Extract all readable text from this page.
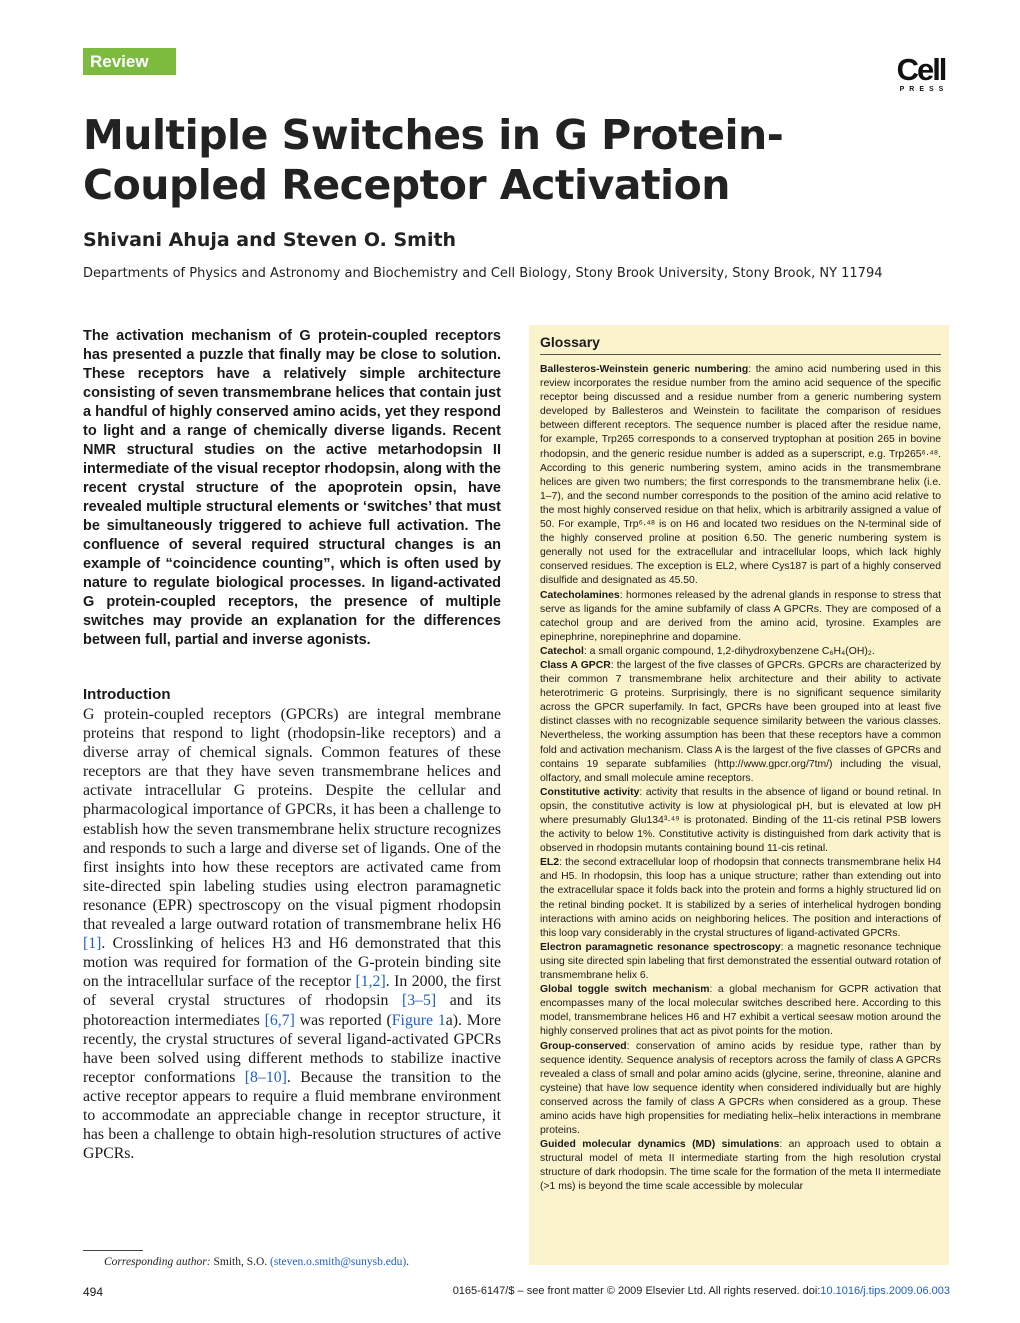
Review	Cell
PRESS
Multiple Switches in G Protein-Coupled Receptor Activation

Shivani Ahuja and Steven O. Smith

Departments of Physics and Astronomy and Biochemistry and Cell Biology, Stony Brook University, Stony Brook, NY 11794

The activation mechanism of G protein-coupled receptors has presented a puzzle that finally may be close to solution. These receptors have a relatively simple architecture consisting of seven transmembrane helices that contain just a handful of highly conserved amino acids, yet they respond to light and a range of chemically diverse ligands. Recent NMR structural studies on the active metarhodopsin II intermediate of the visual receptor rhodopsin, along with the recent crystal structure of the apoprotein opsin, have revealed multiple structural elements or ‘switches’ that must be simultaneously triggered to achieve full activation. The confluence of several required structural changes is an example of “coincidence counting”, which is often used by nature to regulate biological processes. In ligand-activated G protein-coupled receptors, the presence of multiple switches may provide an explanation for the differences between full, partial and inverse agonists.

Introduction

G protein-coupled receptors (GPCRs) are integral membrane proteins that respond to light (rhodopsin-like receptors) and a diverse array of chemical signals. Common features of these receptors are that they have seven transmembrane helices and activate intracellular G proteins. Despite the cellular and pharmacological importance of GPCRs, it has been a challenge to establish how the seven transmembrane helix structure recognizes and responds to such a large and diverse set of ligands. One of the first insights into how these receptors are activated came from site-directed spin labeling studies using electron paramagnetic resonance (EPR) spectroscopy on the visual pigment rhodopsin that revealed a large outward rotation of transmembrane helix H6 [1]. Crosslinking of helices H3 and H6 demonstrated that this motion was required for formation of the G-protein binding site on the intracellular surface of the receptor [1,2]. In 2000, the first of several crystal structures of rhodopsin [3–5] and its photoreaction intermediates [6,7] was reported (Figure 1a). More recently, the crystal structures of several ligand-activated GPCRs have been solved using different methods to stabilize inactive receptor conformations [8–10]. Because the transition to the active receptor appears to require a fluid membrane environment to accommodate an appreciable change in receptor structure, it has been a challenge to obtain high-resolution structures of active GPCRs.

Corresponding author: Smith, S.O. (steven.o.smith@sunysb.edu).

494	0165-6147/$ – see front matter © 2009 Elsevier Ltd. All rights reserved. doi:10.1016/j.tips.2009.06.003
Glossary
Ballesteros-Weinstein generic numbering: the amino acid numbering used in this review incorporates the residue number from the amino acid sequence of the specific receptor being discussed and a residue number from a generic numbering system developed by Ballesteros and Weinstein to facilitate the comparison of residues between different receptors. The sequence number is placed after the residue name, for example, Trp265 corresponds to a conserved tryptophan at position 265 in bovine rhodopsin, and the generic residue number is added as a superscript, e.g. Trp265⁶·⁴⁸. According to this generic numbering system, amino acids in the transmembrane helices are given two numbers; the first corresponds to the transmembrane helix (i.e. 1–7), and the second number corresponds to the position of the amino acid relative to the most highly conserved residue on that helix, which is arbitrarily assigned a value of 50. For example, Trp⁶·⁴⁸ is on H6 and located two residues on the N-terminal side of the highly conserved proline at position 6.50. The generic numbering system is generally not used for the extracellular and intracellular loops, which lack highly conserved residues. The exception is EL2, where Cys187 is part of a highly conserved disulfide and designated as 45.50.
Catecholamines: hormones released by the adrenal glands in response to stress that serve as ligands for the amine subfamily of class A GPCRs. They are composed of a catechol group and are derived from the amino acid, tyrosine. Examples are epinephrine, norepinephrine and dopamine.
Catechol: a small organic compound, 1,2-dihydroxybenzene C₆H₄(OH)₂.
Class A GPCR: the largest of the five classes of GPCRs. GPCRs are characterized by their common 7 transmembrane helix architecture and their ability to activate heterotrimeric G proteins. Surprisingly, there is no significant sequence similarity across the GPCR superfamily. In fact, GPCRs have been grouped into at least five distinct classes with no recognizable sequence similarity between the various classes. Nevertheless, the working assumption has been that these receptors have a common fold and activation mechanism. Class A is the largest of the five classes of GPCRs and contains 19 separate subfamilies (http://www.gpcr.org/7tm/) including the visual, olfactory, and small molecule amine receptors.
Constitutive activity: activity that results in the absence of ligand or bound retinal. In opsin, the constitutive activity is low at physiological pH, but is elevated at low pH where presumably Glu134³·⁴⁹ is protonated. Binding of the 11-cis retinal PSB lowers the activity to below 1%. Constitutive activity is distinguished from dark activity that is observed in rhodopsin mutants containing bound 11-cis retinal.
EL2: the second extracellular loop of rhodopsin that connects transmembrane helix H4 and H5. In rhodopsin, this loop has a unique structure; rather than extending out into the extracellular space it folds back into the protein and forms a highly structured lid on the retinal binding pocket. It is stabilized by a series of interhelical hydrogen bonding interactions with amino acids on neighboring helices. The position and interactions of this loop vary considerably in the crystal structures of ligand-activated GPCRs.
Electron paramagnetic resonance spectroscopy: a magnetic resonance technique using site directed spin labeling that first demonstrated the essential outward rotation of transmembrane helix 6.
Global toggle switch mechanism: a global mechanism for GCPR activation that encompasses many of the local molecular switches described here. According to this model, transmembrane helices H6 and H7 exhibit a vertical seesaw motion around the highly conserved prolines that act as pivot points for the motion.
Group-conserved: conservation of amino acids by residue type, rather than by sequence identity. Sequence analysis of receptors across the family of class A GPCRs revealed a class of small and polar amino acids (glycine, serine, threonine, alanine and cysteine) that have low sequence identity when considered individually but are highly conserved across the family of class A GPCRs when considered as a group. These amino acids have high propensities for mediating helix–helix interactions in membrane proteins.
Guided molecular dynamics (MD) simulations: an approach used to obtain a structural model of meta II intermediate starting from the high resolution crystal structure of dark rhodopsin. The time scale for the formation of the meta II intermediate (>1 ms) is beyond the time scale accessible by molecular
